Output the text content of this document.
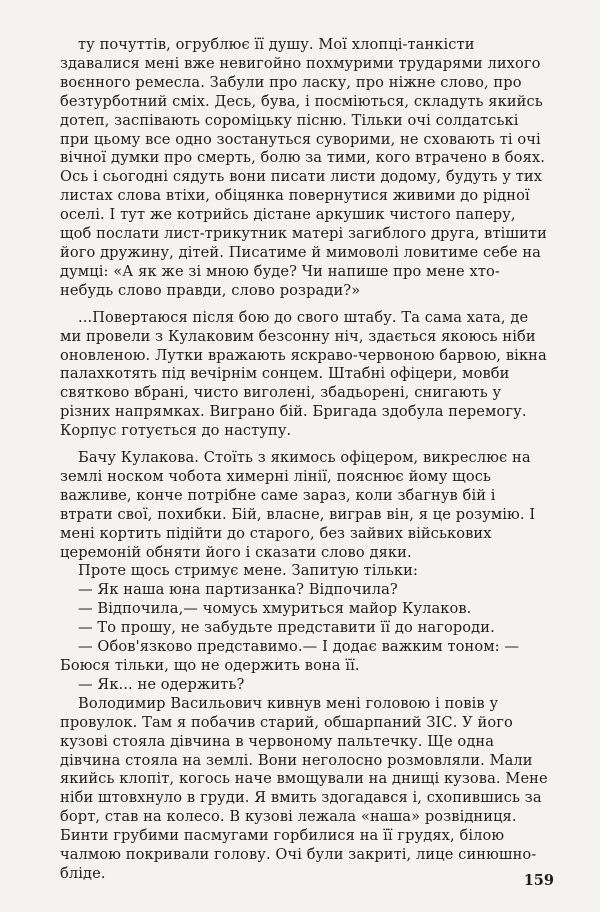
ту почуттів, огрублює її душу. Мої хлопці-танкісти здавалися мені вже невигойно похмурими трударями лихого воєнного ремесла. Забули про ласку, про ніжне слово, про безтурботний сміх. Десь, бува, і посміються, складуть якийсь дотеп, заспівають сороміцьку пісню. Тільки очі солдатські при цьому все одно зостануться суворими, не сховають ті очі вічної думки про смерть, болю за тими, кого втрачено в боях. Ось і сьогодні сядуть вони писати листи додому, будуть у тих листах слова втіхи, обіцянка повернутися живими до рідної оселі. І тут же котрийсь дістане аркушик чистого паперу, щоб послати лист-трикутник матері загиблого друга, втішити його дружину, дітей. Писатиме й мимоволі ловитиме себе на думці: «А як же зі мною буде? Чи напише про мене хто-небудь слово правди, слово розради?»

...Повертаюся після бою до свого штабу. Та сама хата, де ми провели з Кулаковим безсонну ніч, здається якоюсь ніби оновленою. Лутки вражають яскраво-червоною барвою, вікна палахкотять під вечірнім сонцем. Штабні офіцери, мовби святково вбрані, чисто виголені, збадьорені, снигають у різних напрямках. Виграно бій. Бригада здобула перемогу. Корпус готується до наступу.

Бачу Кулакова. Стоїть з якимось офіцером, викреслює на землі носком чобота химерні лінії, пояснює йому щось важливе, конче потрібне саме зараз, коли збагнув бій і втрати свої, похибки. Бій, власне, виграв він, я це розумію. І мені кортить підійти до старого, без зайвих військових церемоній обняти його і сказати слово дяки.

Проте щось стримує мене. Запитую тільки:

— Як наша юна партизанка? Відпочила?

— Відпочила,— чомусь хмуриться майор Кулаков.

— То прошу, не забудьте представити її до нагороди.

— Обов'язково представимо.— І додає важким тоном: — Боюся тільки, що не одержить вона її.

— Як... не одержить?

Володимир Васильович кивнув мені головою і повів у провулок. Там я побачив старий, обшарпаний ЗІС. У його кузові стояла дівчина в червоному пальтечку. Ще одна дівчина стояла на землі. Вони неголосно розмовляли. Мали якийсь клопіт, когось наче вмощували на днищі кузова. Мене ніби штовхнуло в груди. Я вмить здогадався і, схопившись за борт, став на колесо. В кузові лежала «наша» розвідниця. Бинти грубими пасмугами горбилися на її грудях, білою чалмою покривали голову. Очі були закриті, лице синюшно-бліде.	159
